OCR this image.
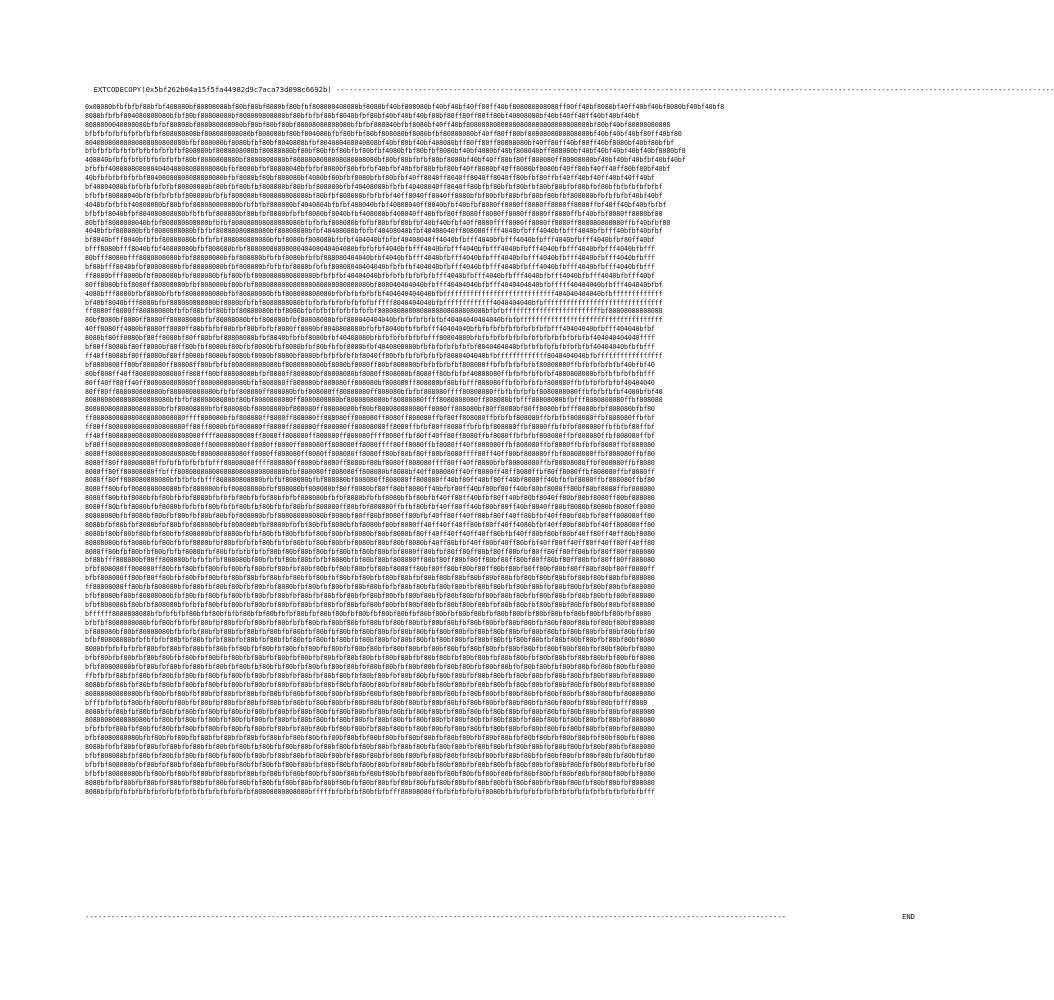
EXTCODECOPY(0x5bf262b04a15f5fa44982d9c7aca73d098c6692b) ----------------------------------------------------------------------------------------------------------------------------------------------------------------------

0x08080bfbfbfbf80bfbf408080bf80808080bf80bf80bf8080bf80bfbf808080408080bf8080bf40bf808080bf40bf40bf40ff80ff40bf808080808080ff00ff40bf8080bf40ff40bf40bf8080bf40bf40bf8
8080bfbfbf804080808080bfbf80bf80808080bf808080808080bf80bfbfbf80bf8040bfbf80bf40bf40bf40bf80bf80ff80ff80ff80bf40808080bf40bf40ff40ff40bf40bf40bf
8080800040808080bfbfbf80808bf808080808080bf80bf80bf80bf80808080808080bfbfbf808040bfbf8080bf40ff40bf80808080808080808080808080808080bf80bf40bf80808080808
bfbfbfbfbfbfbfbfbfbf808080808bf808080808080bf808080bf80bf804080bfbf80bfbf80bf808080bf8080bfbf80808080bf40ff80ff80bf8080808080808080bf40bf40bf40bf80ff40bf80
80408080808080808080808080bfbf808080bf8080bfbf80bf8040808bfbf804080408040808bf40bf80bf40bf408080bff80ff80ff80808080bf40ff80ff40bf80ff40bf8080bf40bf80bfbf
bfbfbfbfbfbfbfbfbfbfbfbfbf808080bf8080808080bf80808080bf80bf80bfbf80bfbf80bfbf4080bfbf80bfbf8080bf40bf4080bf40bf808040bff808080bf40bf40bf40bf40bf40bf8080bf8
408040bfbfbfbfbfbfbfbfbfbf80bf8080808080bf8080808080bf8080808080808080808080bf80bf80bfbfbf80bf8080bf40bf40ff80bf80ff808080ff80808080bf40bf40bf40bfbf40bf40bf
bfbfbf408080808080404040808080808080bfbf8080bfbf80808040bfbfbf8080bf80bfbfbf40bfbf40bfbf80bfbf80bf40ff8080bf40ff8080bf8080bf40ff80bf40ff40ff80bf80bf40bf
40bfbfbfbfbfbfbf80408080808080808080bfbf8080bf80bf808080bf4080bf80bfbf8080bfbf80bfbf40ff8040ff8040ff8040ff8040ff80bfbf80ffbf40ff40bf40ff40bf40ff40bf
bf40804080bfbfbfbfbfbfbf80808080bf80bfbf80bfbf808080bf80bfbf808080bfbf40408080bfbfbf40408040ff8040ff80bfbf80bfbf80bfbf80bf80bfbf80bfbf80bfbfbfbfbfbfbf
bfbfbf80808040bfbfbfbfbfbf808080bfbfbf808080bf808080808080bf80bfbf808080bfbfbfbf40ff8040ff8040ff8080bfbf80bfbf80bfbf80bf80bfbf808080bfbfbfbfbf40bf40bf
4040bfbfbfbf40808080bf80bfbf808080808080bfbfbfbf808080bf4040804bfbfbf408040bfbf40808040ff8040bfbf40bfbf8080ff8080ff8080ff8080ff8080ffbf40ff40bf40bfbfbf
bfbfbf8040bfbf804080808080bfbfbfbf808080bf80bfbf8080bfbfbf8080bf8040bfbf408080bf408040ff40bfbf80ff8080ff8080ff8080ff8080ff8080ffbf40bfbf8080ff8080bf80
80bfbf8080808040bfbf808080808080bfbfbf808080808080808080bfbfbfbf808080bfbfbf80bfbf80bfbf40bf40bfbf40ff8080ffff8080ff8080ff8080ff808080808080ffbf40bfbf80
4040bfbf808080bfbf8080808080bfbfbf80808080808080bf80808080bfbf40408080bfbfbf40408040bfbf40408040ff808080ffff4040bfbfff4040bfbfff4040bfbfff40bfbf40bfbf
bf8040bfff8040bfbfbf80808080bfbfbfbf808080808080bfbf8080bf808080bfbfbf404040bfbfbf40408040ff4040bfbfff4040bfbfff4040bfbfff4040bfbfff4040bfbf80ff40bf
bfff8080bfff8040bfbf40808080bfbf808080bfbf8080808080808040408040404080bfbfbfbf4040bfbfff4040bfbfff4040bfbfff4040bfbfff4040bfbfff4040bfbfff4040bfbfff
80bfff8080bfff8080808080bfbf80808080bfbf808080bfbfbf8080bfbfbf808080404040bfbf4040bfbfff4040bfbfff4040bfbfff4040bfbfff4040bfbfff4040bfbfff4040bfbfff
bf80bfff8040bfbf80808080bfbf80808080bfbf808080bfbfbfbf8080bfbfbf80808040404040bfbfbfbf404040bfbfff4040bfbfff4040bfbfff4040bfbfff4040bfbfff4040bfbfff
ff8080bfff8080bfbf808080bfbf808080bfbf80bfbf8080808080808080bfbfbfbf40404040bfbfbfbfbfbfbfbfff4040bfbfff4040bfbfff4040bfbfff4040bfbfff4040bfbfff40bf
80ff8080bfbf8080ff80808080bfbf808080bf80bfbf808080808080808080808080808080bf808040404040bfbfff40404040bfbfff4040404040bfbfffff40404040bfbfff404040bfbf
4080bfff8080bfbf8080bfbfbf8080808080bfbf80808080bfbf808080808080bfbfbfbfbfbfbf404040404040bfbfffffffffffffffffffffffffffff404040404040bfbfffffffffffff
bf40bf8040bfff8080bfbf808080808080bf8080bfbfbf8080808080bfbfbfbfbfbfbfbfbfbfffff8040404040bfbfffffffffffff4040404040bfbfffffffffffffffffffffffffffffff
ff8080ff8080ff80808080bfbfbf80bfbf80bfbf80808080bfbf8080bfbfbfbfbfbfbfbfbfbf8080808080808080808080808080bfbfbfffffffffffffffffffffffffbf80808080808080
80bf8080bf8080ff8080ff80808080bfbf80808080bfbf808080bfbf80808080bfbf808040404040bfbfbfbfbfbfbf40404040404040bfbfbfffffffffffffffffffffffffffffffffffff
40ff8080ff4080bf8080ff8080ff80bfbfbf80bfbf80bfbfbf8080ff8080bf8040808080bfbfbf8040bfbfbfbfff40404040bfbfbfbfbfbfbfbfbfbfbfff40404040bfbfff404040bfbf
8080bf80ff8080bf80ff8080bf80ff80bfbf80808080bfbf8040bfbfbf8080bfbf40408080bfbfbfbfbfbfbfbfff80804080bfbfbfbfbfbfbfbfbfbfbfbfbfbfbfbf404040404040ffff
bf80ff8080bf80ff8080bf80ff80bfbf8080bf80bfbf8080bfbf8080bfbf80bfbfbf8080bfbf4040808080bfbfbfbfbfbfbfbf8040404040bfbfbfbfbfbfbfbfbfbf40404040bfbfbfff
ff40ff8080bf80ff8080bf80ff8080bf8080bf8080bf8080bf8080bf8080bfbfbfbfbfbf8040ff80bfbfbfbfbfbfbf8080404040bfbfffffffffffff8040404040bfbfffffffffffffffff
bf8080808ff80bf808080ff80808ff80bfbfbf808080808080bf8080808080bf8080bf8080ff80bf808080bfbfbfbfbfbf808080ffbfbfbfbfbfbf80808080ffbfbfbfbfbfbf40bfbf40
80bf808ff40ff808080808080ff808ff80bf80808080bfbf8080ff808080bf80808080bf8080ff808080bf8080ff80bfbfbf40808080ffbfbfbfbfbfbf4080808080bfbfbfbfbfbfbfff
80ff40ff80ff40ff808080808080ff808080808080bfbf808080ff808080bf808080ff808080bf808080ff808080bf80bfbfff808080ffbfbfbfbfbf808080ffbfbfbfbfbfbf40404040
80ff80ff808080808080bf808080808080bfbfbf808080ff808080bfbf808080ff80808080ff808080bfbfbf808080ffff80808080ffbfbfbfbfbf8080808080ffbfbfbfbfbf4080bfbf40
8080808080808080808080bfbfbf8080808080bf80bf8080808080ff8080808080bf8080808080bf80808080ffff8080808080ff808080bfbfff80808080bfbfff8080808080ffbf808080
80808080808080808080bfbf80808080bfbf808080bf80808080bf808080ff80808080bf80bf808080808080ff8080ff808080bf80ff8080bf80ff8080bfbfff8080bfbf808080bfbf80
ff808080808080808080808080ffff808080bfbf808080ff8080ff808080ff808080ff808080ff8080ff808080ffbf80ff808080ffbfbfbf808080ffbfbfbf808080ffbf808080ffbfbf
ff80ff80808080808080808080ff80ff8080bfbf808080ff8080ff808080ff808080ff80808080ff8080ffbfbf80ff8080ffbfbfbf808080ffbf8080ffbfbfbf808080ffbfbfbf80ffbf
ff40ff808080808080808080808080ffff8080808080ff8080ff808080ff808080ff808080ffff8080ffbf80ff40ff80ff8080ffbf8080ffbfbfbf808080ffbf808080ffbf808080ffbf
bf80ff808080808080808080808080ff8080808080ff8080ff8080ff808080ff808080ff8080ffff80ff8080ffbf8080ff40ff808080ffbf808080ffbf8080ffbfbfbf8080ffbf808080
8080ff8080808080808080808080bf808080808080ff8080ff808080ff8080ff808080ff8080ff80bf80bf80ff80bf8080ffff80ff40ff80bf808080ffbf80808080ffbf808080ffbf80
8080ff80ff80808080ffbfbfbfbfbfbfbfff80808080ffff808080ff8080bf8080ff8080bf80bf8080ff808080ffff80ff40ff8080bfbf80808080ffbf80808080ffbf808080ffbf8080
8080ff80ff80808080ffbfff8080808080808080808080808080bfbf808080ff808080ff808080bf8080bf40ff808080ff40ff8080ff40ff8080ffbf80ff8080ffbf808080ffbf8080ff
8080ff80ff808080808080bfbfbfbfbfff808080808080bfbfbf808080bfbf808080bf808080ff808080ff808080ff40bf80ff40bf80ff40bf8080ff40bfbfbf8080ffbf808080ffbf80
8080ff80bfbf808080808080bfbf808080bfbf80808080bfbf808080bf808080bf80ff8080bf80ff80bf8080ff40bfbf80ff40bf80bf80ff40bf80bf8080ff80bf80bf8080ffbf808080
8080ff80bfbf8080bfbf80bfbfbf8080bfbfbfbf80bfbfbf80bfbfbf808080bfbfbf8080bfbfbf8080bfbf80bfbf40ff80ff40bfbf80ff40bf80bf8040ff80bf80bf8080ff80bf808080
8080ff80bfbf8080bfbf8080bfbfbfbf80bfbfbf80bfbf80bfbfbf80bfbf808080ff80bfbf808080ffbfbf80bfbf40ff80ff40bf80bf80ff40bf8040ff80bf8080bf8080bf8080ff8080
80808080bfbf8080bf80bfbf80bfbf80bf80bfbf808080bfbf808080808080bf8080bf80ff80bf8080ff80bfbf40ff80ff40ff80bf80ff40ff80bfbf40ff80bf80bfbf80ff808080ff80
8080bfbf80bfbf8080bfbf80bfbf808080bfbf808080bfbf8080bfbfbf80bfbf8080bfbf8080bf80bf8080ff40ff40ff40ff80bf80ff40ff4080bfbf40ff80bf80bfbf40ff808080ff80
8080bf80bf80bf80bfbf80bfbf808080bfbf8080bfbfbf80bfbf80bfbfbf80bf80bfbf8080bf80bf8080bf80ff40ff40ff40ff40ff80bfbf40ff80bf80bf80bf40ff80ff40ff80bf8080
80808080bfbf8080bfbf80bfbfbf8080bfbf80bfbfbfbf80bfbfbf80bfbf80bf80bfbf8080bf80bf80bf8080bf40ff80bfbf40ff80bf40ff80bfbf40ff80ff40ff80ff40ff80ff40ff80
8080ff80bfbf80bfbf80bfbfbf8080bfbf80bfbfbfbfbfbf80bf80bf80bf80bfbf80bfbf80bf80bfbf8080ff80bfbf80ff80ff80bf80ff80bfbf80ff80ff80ff80bfbf80ff80ff808080
bf80bfff808080bf80ff808080bfbfbfbfbf808080bf80bfbfbf80bf80bfbfbf8080bfbf80bf80bf808080ff80bf80ff80bf80ff80bf80ff80bf80ff80bf80ff80bfbf80ff80ff808080
bfbf808080ff808080ff80bfbf80bfbf80bfbf80bfbf80bfbf80bfbf80bf80bfbf80bf80bfbf80bf8080ff80bf80ff80bf80bf80ff80bf80bf80ff80bf80bf80ff80bf80bf80ff8080ff
bfbf808080ff80bf80ff80bfbf80bfbf80bfbf80bf80bfbf80bfbf80bfbf80bfbf80bfbf80bfbf80bf80bfbf80bf80bf80bf80bf80bf80bfbf80bf80bf80bfbf80bf80bf80bfbf808080
ff80808080ff80bfbf808080bfbf80bfbf80bf80bfbf80bfbf8080bfbf80bfbf80bfbf80bf80bfbfbf80bf80bfbf80bf80bfbf80bf80bfbf80bf80bfbf80bf80bfbf80bf80bfbf808080
bfbf8080bf80bf80808080bfbf80bfbf80bfbf80bfbf80bfbf80bfbf80bfbf80bfbf80bfbf80bf80bfbf80bf80bfbf80bf80bfbf80bf80bf80bfbf80bf80bfbf80bf80bfbf80bf808080
bfbf808080bf80bfbf808080bfbfbfbf80bfbf80bfbf80bfbf80bfbf80bfbf80bfbf80bfbf80bf80bfbf80bf80bfbf80bf80bf80bfbf80bf80bfbf80bf80bf80bfbf80bf80bfbf808080
bffffff8080808080bfbfbfbfbf80bfbf80bfbfbf80bfbf80bfbfbf80bfbf80bf80bfbf80bfbf80bf80bfbf80bf80bfbf80bf80bfbf80bf80bfbf80bf80bfbf80bf80bfbf80bfbf8080
bfbfbf8080808080bfbf80bfbfbfbf80bfbf80bfbfbf80bfbf80bfbfbf80bfbf80bf80bfbf80bfbf80bf80bfbf80bf80bfbf80bf80bfbf80bf80bfbf80bf80bf80bfbf80bf80bf808080
bf808080bf80bf80808080bfbfbfbf80bfbf80bfbf80bfbf80bfbf80bfbf80bfbf80bfbf80bf80bfbf80bf80bfbf80bf80bfbf80bf80bf80bfbf80bf80bfbf80bf80bfbf80bf80bfbf80
bfbf80808080bfbfbfbfbf80bfbf80bfbfbf80bfbf80bfbf80bfbf80bfbf80bfbf80bfbf80bf80bfbf80bf80bfbf80bf80bfbf80bf80bfbf80bf80bfbf80bf80bf80bfbf80bf80bf8080
8080bfbfbfbfbfbf80bfbf80bfbf80bfbf80bfbf80bfbf80bfbf80bfbf80bfbf80bfbf80bf80bfbf80bf80bfbf80bf80bfbf80bf80bfbf80bf80bfbf80bf80bf80bfbf80bf80bfbf8080
bfbf80bfbf80bfbf80bf80bfbf80bfbf80bfbf80bfbf80bfbf80bfbf80bfbf80bfbf80bf80bfbf80bf80bfbf80bf80bfbf80bf80bfbf80bf80bfbf80bf80bfbf80bf80bfbf80bfbf8080
bfbf80808080bfbf80bfbf80bfbf80bfbf80bfbf80bfbf80bfbf80bfbf80bfbf80bf80bfbf80bf80bfbf80bf80bfbf80bf80bfbf80bf80bfbf80bf80bfbf80bf80bfbf80bf80bfbf8080
ffbfbfbf80bfbf80bfbf80bfbf80bfbf80bfbf80bfbf80bfbf80bfbf80bfbf80bf80bfbf80bf80bfbf80bf80bfbf80bf80bfbf80bf80bfbf80bf80bfbf80bf80bfbf80bf80bfbf808080
8080bfbf80bfbf80bfbf80bfbf80bfbf80bfbf80bfbf80bfbf80bfbf80bfbf80bf80bfbf80bf80bfbf80bf80bfbf80bf80bfbf80bf80bfbf80bf80bfbf80bf80bfbf80bf80bfbf808080
80808080808080bfbf80bfbf80bfbf80bfbf80bfbf80bfbf80bfbf80bfbf80bf80bfbf80bf80bfbf80bf80bfbf80bf80bfbf80bf80bfbf80bf80bfbf80bf80bfbf80bf80bfbf80808080
bfffbfbfbfbf80bfbf80bfbf80bfbf80bfbf80bfbf80bfbf80bfbf80bfbf80bf80bfbf80bf80bfbf80bf80bfbf80bf80bfbf80bf80bfbf80bf80bfbf80bf80bfbf80bf80bfbfff8080
8080bfbf80bfbf80bfbf80bfbf80bfbf80bfbf80bfbf80bfbf80bfbf80bf80bfbf80bf80bfbf80bf80bfbf80bf80bfbf80bf80bfbf80bf80bfbf80bf80bfbf80bf80bfbf80bfbf808080
8080808080808080bfbf80bfbf80bfbf80bfbf80bfbf80bfbf80bfbf80bf80bfbf80bf80bfbf80bf80bfbf80bf80bfbf80bf80bfbf80bf80bfbf80bf80bfbf80bf80bfbf80bfbf808080
bfbfbfbf80bfbf80bfbf80bfbf80bfbf80bfbf80bfbf80bfbf80bfbf80bf80bfbf80bf80bfbf80bf80bfbf80bf80bfbf80bf80bfbf80bf80bfbf80bf80bfbf80bf80bfbf80bfbf808080
bfbf8080808080bfbf80bfbf80bfbf80bfbf80bfbf80bfbf80bfbf80bf80bfbf80bf80bfbf80bf80bfbf80bf80bfbf80bf80bfbf80bf80bfbf80bf80bfbf80bf80bfbf80bf80bfbf8080
8080bfbfbf80bfbf80bfbf80bfbf80bfbf80bfbf80bfbf80bfbf80bf80bfbf80bf80bfbf80bf80bfbf80bf80bfbf80bf80bfbf80bf80bfbf80bf80bfbf80bf80bfbf80bf80bfbf808080
bfbf808080bfbf80bfbf80bfbf80bfbf80bfbf80bfbf80bfbf80bf80bfbf80bf80bfbf80bf80bfbf80bf80bfbf80bf80bfbf80bf80bfbf80bf80bfbf80bf80bfbf80bf80bfbf80bfbf80
bfbfbf808080bfbf80bfbf80bfbf80bfbf80bfbf80bfbf80bfbf80bf80bfbf80bf80bfbf80bf80bfbf80bf80bfbf80bf80bfbf80bf80bfbf80bf80bfbf80bf80bfbf80bf80bfbfbfbf80
bfbfbf80808080bfbf80bfbf80bfbf80bfbf80bfbf80bfbf80bfbf80bf80bfbf80bf80bfbf80bf80bfbf80bf80bfbf80bf80bfbf80bf80bfbf80bf80bfbf80bf80bfbf80bf80bfbf8080
8080bfbfbf80bfbf80bfbf80bfbf80bfbf80bfbf80bfbf80bfbf80bf80bfbf80bf80bfbf80bf80bfbf80bf80bfbf80bf80bfbf80bf80bfbf80bf80bfbf80bf80bfbf80bf80bfbf808080
8080bfbfbfbfbfbfbfbfbfbfbfbfbfbfbfbfbfbfbfbf80808080808080bfffffbfbfbfbf80bfbfbfff80808080ffbfbfbfbfbfbf8080bfbfbfbfbfbfbfbfbfbfbfbfbfbfbfbfbfbfbfff
------------------------------------------------------------------------------------------------------------------------------------------------------------------	END
